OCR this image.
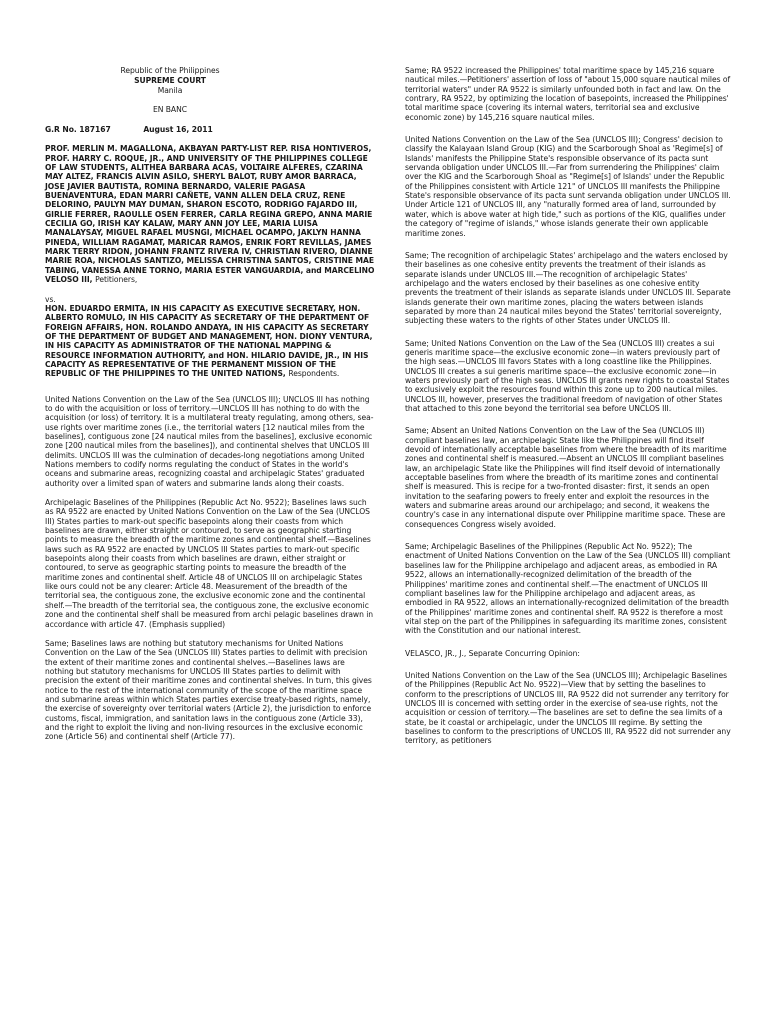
Republic of the Philippines
SUPREME COURT
Manila
EN BANC
G.R No. 187167	August 16, 2011

PROF. MERLIN M. MAGALLONA, AKBAYAN PARTY-LIST REP. RISA HONTIVEROS, PROF. HARRY C. ROQUE, JR., AND UNIVERSITY OF THE PHILIPPINES COLLEGE OF LAW STUDENTS, ALITHEA BARBARA ACAS, VOLTAIRE ALFERES, CZARINA MAY ALTEZ, FRANCIS ALVIN ASILO, SHERYL BALOT, RUBY AMOR BARRACA, JOSE JAVIER BAUTISTA, ROMINA BERNARDO, VALERIE PAGASA BUENAVENTURA, EDAN MARRI CAÑETE, VANN ALLEN DELA CRUZ, RENE DELORINO, PAULYN MAY DUMAN, SHARON ESCOTO, RODRIGO FAJARDO III, GIRLIE FERRER, RAOULLE OSEN FERRER, CARLA REGINA GREPO, ANNA MARIE CECILIA GO, IRISH KAY KALAW, MARY ANN JOY LEE, MARIA LUISA MANALAYSAY, MIGUEL RAFAEL MUSNGI, MICHAEL OCAMPO, JAKLYN HANNA PINEDA, WILLIAM RAGAMAT, MARICAR RAMOS, ENRIK FORT REVILLAS, JAMES MARK TERRY RIDON, JOHANN FRANTZ RIVERA IV, CHRISTIAN RIVERO, DIANNE MARIE ROA, NICHOLAS SANTIZO, MELISSA CHRISTINA SANTOS, CRISTINE MAE TABING, VANESSA ANNE TORNO, MARIA ESTER VANGUARDIA, and MARCELINO VELOSO III, Petitioners,

vs.

HON. EDUARDO ERMITA, IN HIS CAPACITY AS EXECUTIVE SECRETARY, HON. ALBERTO ROMULO, IN HIS CAPACITY AS SECRETARY OF THE DEPARTMENT OF FOREIGN AFFAIRS, HON. ROLANDO ANDAYA, IN HIS CAPACITY AS SECRETARY OF THE DEPARTMENT OF BUDGET AND MANAGEMENT, HON. DIONY VENTURA, IN HIS CAPACITY AS ADMINISTRATOR OF THE NATIONAL MAPPING & RESOURCE INFORMATION AUTHORITY, and HON. HILARIO DAVIDE, JR., IN HIS CAPACITY AS REPRESENTATIVE OF THE PERMANENT MISSION OF THE REPUBLIC OF THE PHILIPPINES TO THE UNITED NATIONS, Respondents.

United Nations Convention on the Law of the Sea (UNCLOS III); UNCLOS III has nothing to do with the acquisition or loss of territory.—UNCLOS III has nothing to do with the acquisition (or loss) of territory. It is a multilateral treaty regulating, among others, sea-use rights over maritime zones (i.e., the territorial waters [12 nautical miles from the baselines], contiguous zone [24 nautical miles from the baselines], exclusive economic zone [200 nautical miles from the baselines]), and continental shelves that UNCLOS III delimits. UNCLOS III was the culmination of decades-long negotiations among United Nations members to codify norms regulating the conduct of States in the world's oceans and submarine areas, recognizing coastal and archipelagic States' graduated authority over a limited span of waters and submarine lands along their coasts.

Archipelagic Baselines of the Philippines (Republic Act No. 9522); Baselines laws such as RA 9522 are enacted by United Nations Convention on the Law of the Sea (UNCLOS III) States parties to mark-out specific basepoints along their coasts from which baselines are drawn, either straight or contoured, to serve as geographic starting points to measure the breadth of the maritime zones and continental shelf.—Baselines laws such as RA 9522 are enacted by UNCLOS III States parties to mark-out specific basepoints along their coasts from which baselines are drawn, either straight or contoured, to serve as geographic starting points to measure the breadth of the maritime zones and continental shelf. Article 48 of UNCLOS III on archipelagic States like ours could not be any clearer: Article 48. Measurement of the breadth of the territorial sea, the contiguous zone, the exclusive economic zone and the continental shelf.—The breadth of the territorial sea, the contiguous zone, the exclusive economic zone and the continental shelf shall be measured from archi pelagic baselines drawn in accordance with article 47. (Emphasis supplied)

Same; Baselines laws are nothing but statutory mechanisms for United Nations Convention on the Law of the Sea (UNCLOS III) States parties to delimit with precision the extent of their maritime zones and continental shelves.—Baselines laws are nothing but statutory mechanisms for UNCLOS III States parties to delimit with precision the extent of their maritime zones and continental shelves. In turn, this gives notice to the rest of the international community of the scope of the maritime space and submarine areas within which States parties exercise treaty-based rights, namely, the exercise of sovereignty over territorial waters (Article 2), the jurisdiction to enforce customs, fiscal, immigration, and sanitation laws in the contiguous zone (Article 33), and the right to exploit the living and non-living resources in the exclusive economic zone (Article 56) and continental shelf (Article 77).

Same; RA 9522 increased the Philippines' total maritime space by 145,216 square nautical miles.—Petitioners' assertion of loss of "about 15,000 square nautical miles of territorial waters" under RA 9522 is similarly unfounded both in fact and law. On the contrary, RA 9522, by optimizing the location of basepoints, increased the Philippines' total maritime space (covering its internal waters, territorial sea and exclusive economic zone) by 145,216 square nautical miles.

United Nations Convention on the Law of the Sea (UNCLOS III); Congress' decision to classify the Kalayaan Island Group (KIG) and the Scarborough Shoal as 'Regime[s] of Islands' manifests the Philippine State's responsible observance of its pacta sunt servanda obligation under UNCLOS III.—Far from surrendering the Philippines' claim over the KIG and the Scarborough Shoal as "Regime[s] of Islands' under the Republic of the Philippines consistent with Article 121" of UNCLOS III manifests the Philippine State's responsible observance of its pacta sunt servanda obligation under UNCLOS III. Under Article 121 of UNCLOS III, any "naturally formed area of land, surrounded by water, which is above water at high tide," such as portions of the KIG, qualifies under the category of "regime of islands," whose islands generate their own applicable maritime zones.

Same; The recognition of archipelagic States' archipelago and the waters enclosed by their baselines as one cohesive entity prevents the treatment of their islands as separate islands under UNCLOS III.—The recognition of archipelagic States' archipelago and the waters enclosed by their baselines as one cohesive entity prevents the treatment of their islands as separate islands under UNCLOS III. Separate islands generate their own maritime zones, placing the waters between islands separated by more than 24 nautical miles beyond the States' territorial sovereignty, subjecting these waters to the rights of other States under UNCLOS III.

Same; United Nations Convention on the Law of the Sea (UNCLOS III) creates a sui generis maritime space—the exclusive economic zone—in waters previously part of the high seas.—UNCLOS III favors States with a long coastline like the Philippines. UNCLOS III creates a sui generis maritime space—the exclusive economic zone—in waters previously part of the high seas. UNCLOS III grants new rights to coastal States to exclusively exploit the resources found within this zone up to 200 nautical miles. UNCLOS III, however, preserves the traditional freedom of navigation of other States that attached to this zone beyond the territorial sea before UNCLOS III.

Same; Absent an United Nations Convention on the Law of the Sea (UNCLOS III) compliant baselines law, an archipelagic State like the Philippines will find itself devoid of internationally acceptable baselines from where the breadth of its maritime zones and continental shelf is measured.—Absent an UNCLOS III compliant baselines law, an archipelagic State like the Philippines will find itself devoid of internationally acceptable baselines from where the breadth of its maritime zones and continental shelf is measured. This is recipe for a two-fronted disaster: first, it sends an open invitation to the seafaring powers to freely enter and exploit the resources in the waters and submarine areas around our archipelago; and second, it weakens the country's case in any international dispute over Philippine maritime space. These are consequences Congress wisely avoided.

Same; Archipelagic Baselines of the Philippines (Republic Act No. 9522); The enactment of United Nations Convention on the Law of the Sea (UNCLOS III) compliant baselines law for the Philippine archipelago and adjacent areas, as embodied in RA 9522, allows an internationally-recognized delimitation of the breadth of the Philippines' maritime zones and continental shelf.—The enactment of UNCLOS III compliant baselines law for the Philippine archipelago and adjacent areas, as embodied in RA 9522, allows an internationally-recognized delimitation of the breadth of the Philippines' maritime zones and continental shelf. RA 9522 is therefore a most vital step on the part of the Philippines in safeguarding its maritime zones, consistent with the Constitution and our national interest.

VELASCO, JR., J., Separate Concurring Opinion:

United Nations Convention on the Law of the Sea (UNCLOS III); Archipelagic Baselines of the Philippines (Republic Act No. 9522)—View that by setting the baselines to conform to the prescriptions of UNCLOS III, RA 9522 did not surrender any territory for UNCLOS III is concerned with setting order in the exercise of sea-use rights, not the acquisition or cession of territory.—The baselines are set to define the sea limits of a state, be it coastal or archipelagic, under the UNCLOS III regime. By setting the baselines to conform to the prescriptions of UNCLOS III, RA 9522 did not surrender any territory, as petitioners
